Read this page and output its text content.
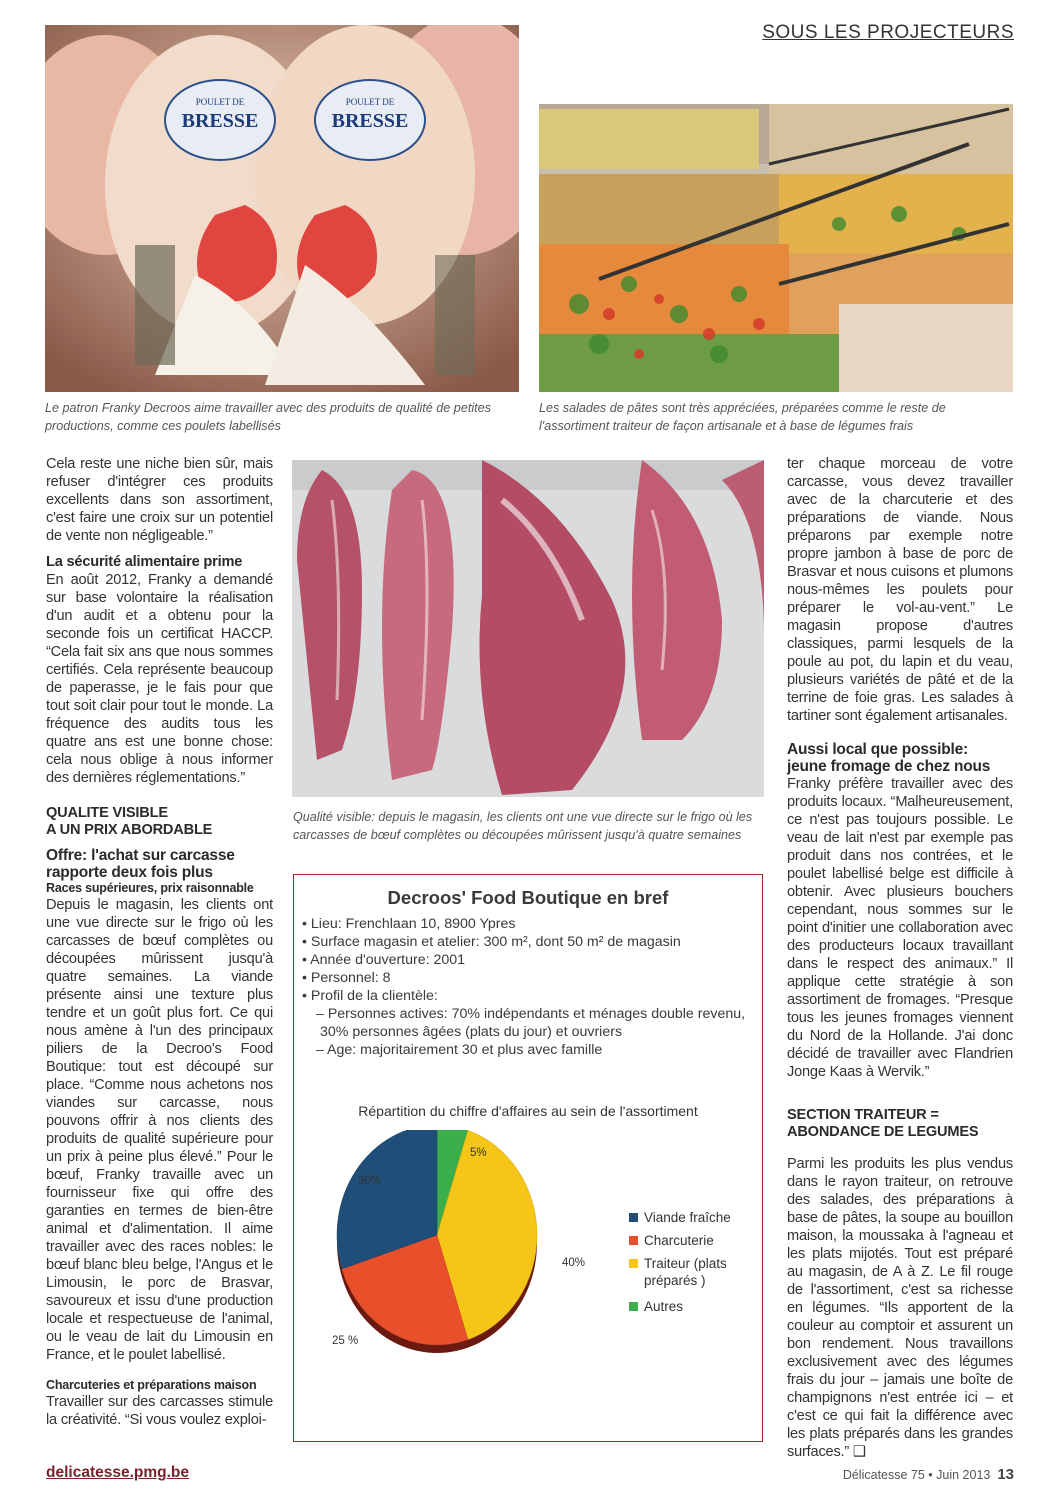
SOUS LES PROJECTEURS
POULET DE
BRESSE
POULET DE
BRESSE
Le patron Franky Decroos aime travailler avec des produits de qualité de petites productions, comme ces poulets labellisés
Les salades de pâtes sont très appréciées, préparées comme le reste de l'assortiment traiteur de façon artisanale et à base de légumes frais
Qualité visible: depuis le magasin, les clients ont une vue directe sur le frigo où les carcasses de bœuf complètes ou découpées mûrissent jusqu'à quatre semaines

Cela reste une niche bien sûr, mais refuser d'intégrer ces produits excellents dans son assortiment, c'est faire une croix sur un potentiel de vente non négligeable.”

La sécurité alimentaire prime

En août 2012, Franky a demandé sur base volontaire la réalisation d'un audit et a obtenu pour la seconde fois un certificat HACCP. “Cela fait six ans que nous sommes certifiés. Cela représente beaucoup de paperasse, je le fais pour que tout soit clair pour tout le monde. La fréquence des audits tous les quatre ans est une bonne chose: cela nous oblige à nous informer des dernières réglementations.”

QUALITE VISIBLE
A UN PRIX ABORDABLE
Offre: l'achat sur carcasse
rapporte deux fois plus
Races supérieures, prix raisonnable

Depuis le magasin, les clients ont une vue directe sur le frigo où les carcasses de bœuf complètes ou découpées mûrissent jusqu'à quatre semaines. La viande présente ainsi une texture plus tendre et un goût plus fort. Ce qui nous amène à l'un des principaux piliers de la Decroo's Food Boutique: tout est découpé sur place. “Comme nous achetons nos viandes sur carcasse, nous pouvons offrir à nos clients des produits de qualité supérieure pour un prix à peine plus élevé.” Pour le bœuf, Franky travaille avec un fournisseur fixe qui offre des garanties en termes de bien-être animal et d'alimentation. Il aime travailler avec des races nobles: le bœuf blanc bleu belge, l'Angus et le Limousin, le porc de Brasvar, savoureux et issu d'une production locale et respectueuse de l'animal, ou le veau de lait du Limousin en France, et le poulet labellisé.

Charcuteries et préparations maison

Travailler sur des carcasses stimule la créativité. “Si vous voulez exploi-

ter chaque morceau de votre carcasse, vous devez travailler avec de la charcuterie et des préparations de viande. Nous préparons par exemple notre propre jambon à base de porc de Brasvar et nous cuisons et plumons nous-mêmes les poulets pour préparer le vol-au-vent.” Le magasin propose d'autres classiques, parmi lesquels de la poule au pot, du lapin et du veau, plusieurs variétés de pâté et de la terrine de foie gras. Les salades à tartiner sont également artisanales.

Aussi local que possible:
jeune fromage de chez nous

Franky préfère travailler avec des produits locaux. “Malheureusement, ce n'est pas toujours possible. Le veau de lait n'est par exemple pas produit dans nos contrées, et le poulet labellisé belge est difficile à obtenir. Avec plusieurs bouchers cependant, nous sommes sur le point d'initier une collaboration avec des producteurs locaux travaillant dans le respect des animaux.” Il applique cette stratégie à son assortiment de fromages. “Presque tous les jeunes fromages viennent du Nord de la Hollande. J'ai donc décidé de travailler avec Flandrien Jonge Kaas à Wervik.”

SECTION TRAITEUR =
ABONDANCE DE LEGUMES

Parmi les produits les plus vendus dans le rayon traiteur, on retrouve des salades, des préparations à base de pâtes, la soupe au bouillon maison, la moussaka à l'agneau et les plats mijotés. Tout est préparé au magasin, de A à Z. Le fil rouge de l'assortiment, c'est sa richesse en légumes. “Ils apportent de la couleur au comptoir et assurent un bon rendement. Nous travaillons exclusivement avec des légumes frais du jour – jamais une boîte de champignons n'est entrée ici – et c'est ce qui fait la différence avec les plats préparés dans les grandes surfaces.” ❑

Decroos' Food Boutique en bref
• Lieu: Frenchlaan 10, 8900 Ypres
• Surface magasin et atelier: 300 m², dont 50 m² de magasin
• Année d'ouverture: 2001
• Personnel: 8
• Profil de la clientèle:
– Personnes actives: 70% indépendants et ménages double revenu,
30% personnes âgées (plats du jour) et ouvriers
– Age: majoritairement 30 et plus avec famille
Répartition du chiffre d'affaires au sein de l'assortiment
30%
25 %
40%
5%
Viande fraîche
Charcuterie
Traiteur (plats préparés )
Autres
delicatesse.pmg.be	Délicatesse 75 • Juin 2013 13
